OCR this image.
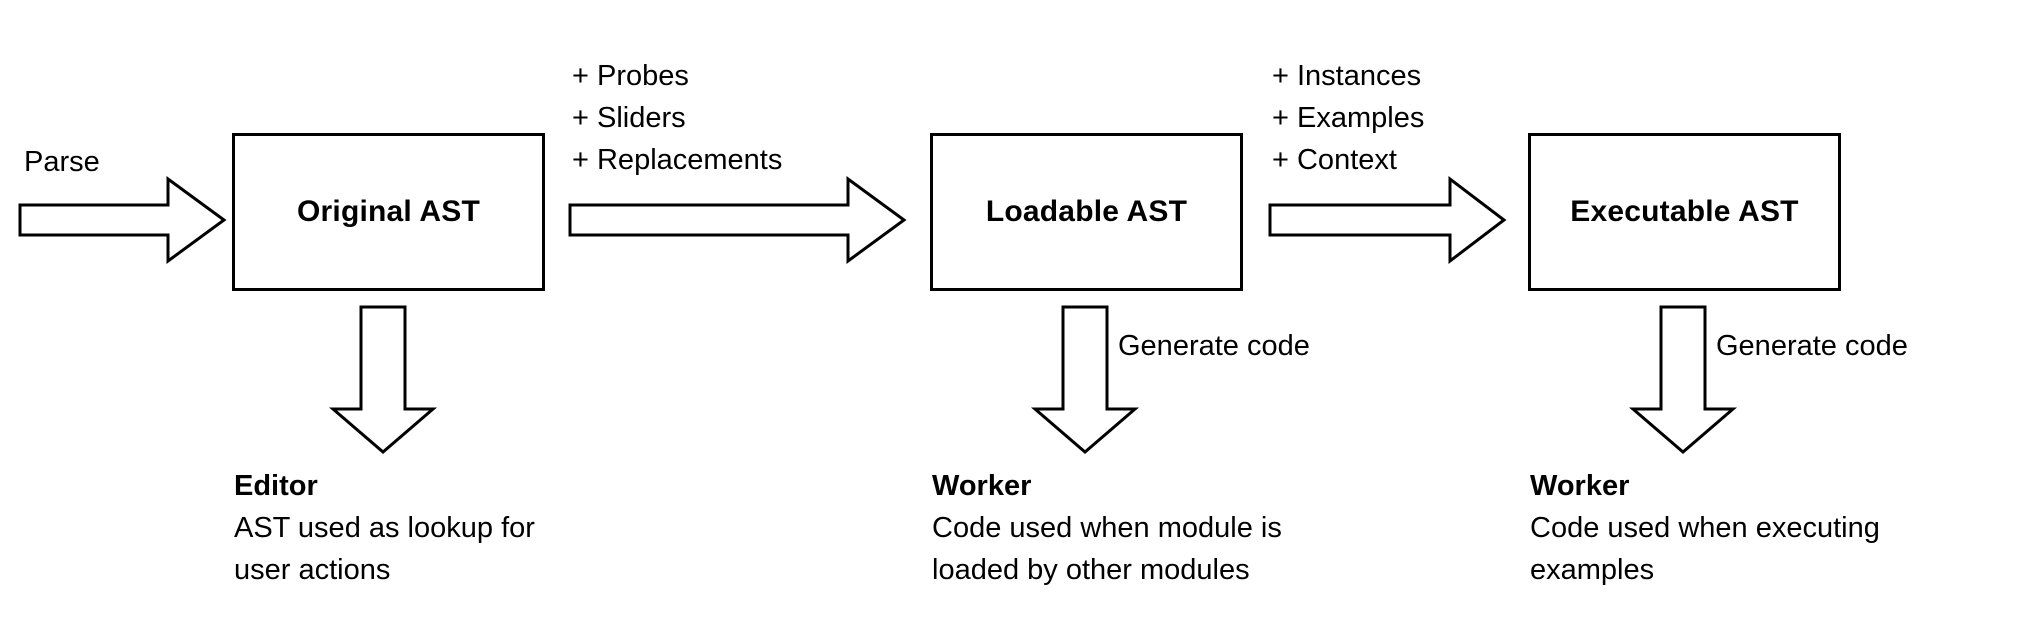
Parse
Original AST
+ Probes
+ Sliders
+ Replacements
Loadable AST
+ Instances
+ Examples
+ Context
Executable AST
Generate code	Generate code
Editor
AST used as lookup for
user actions
Worker
Code used when module is
loaded by other modules
Worker
Code used when executing
examples
